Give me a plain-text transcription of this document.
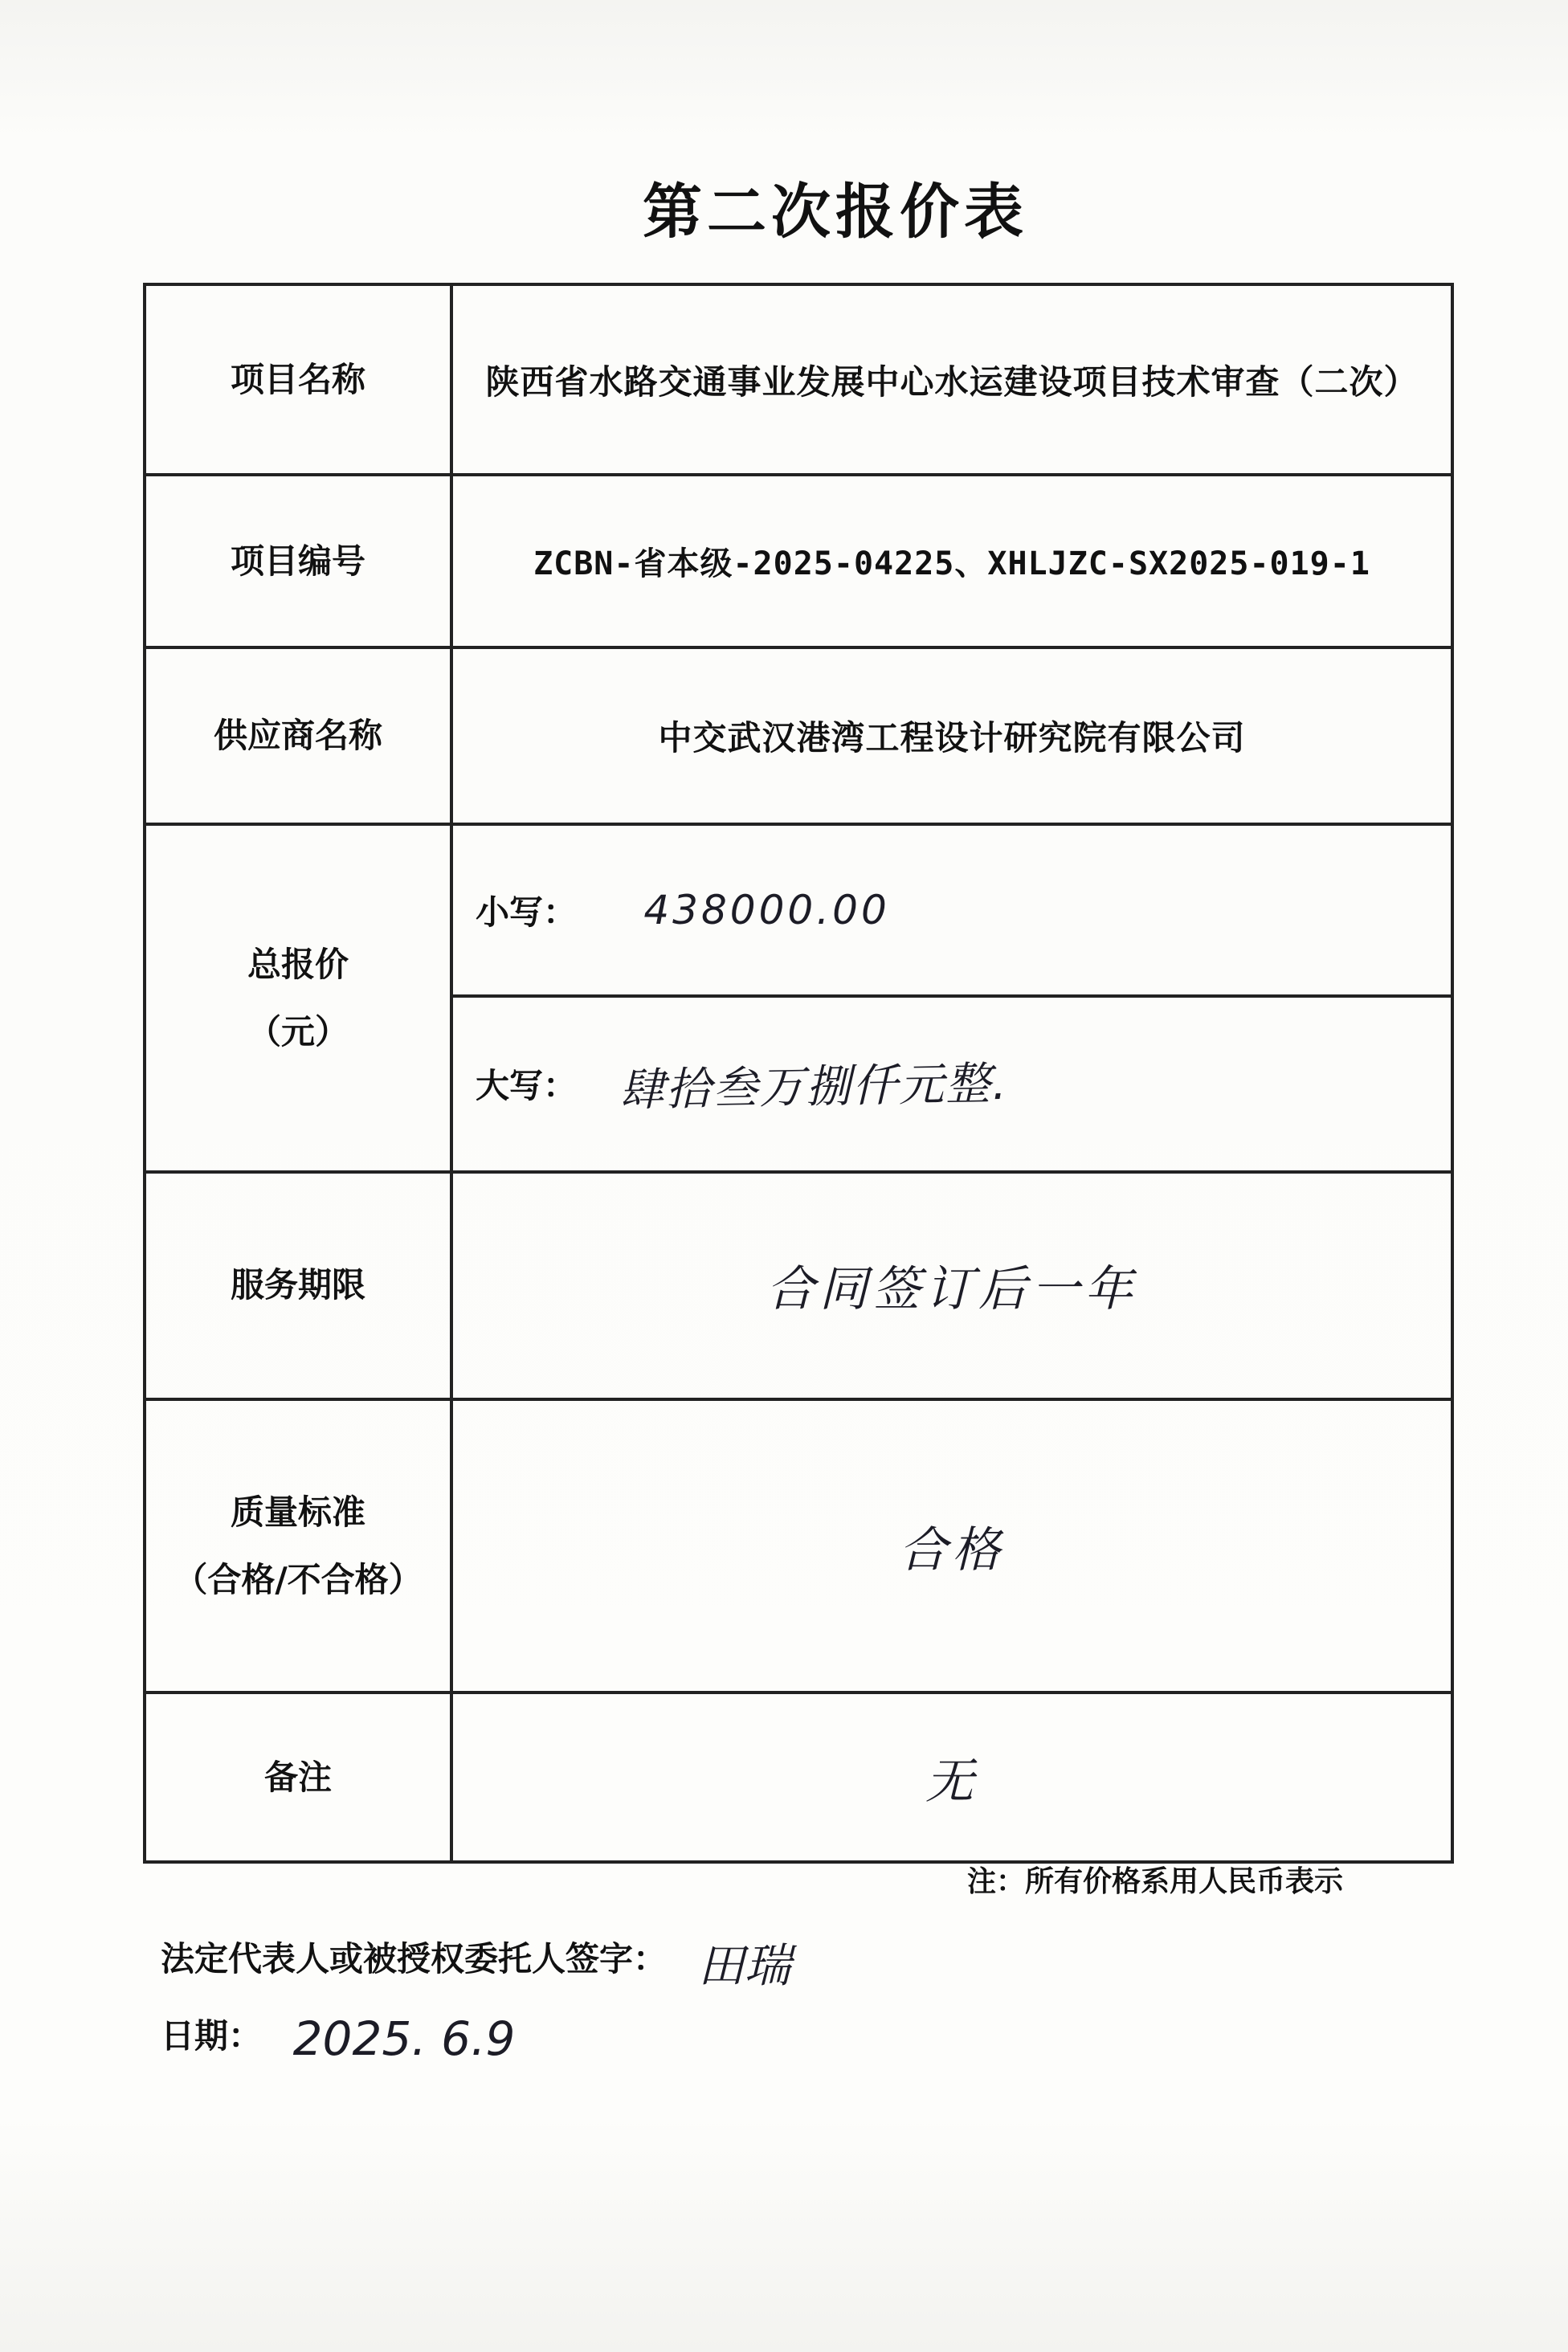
第二次报价表
项目名称	陕西省水路交通事业发展中心水运建设项目技术审查（二次）
项目编号	ZCBN-省本级-2025-04225、XHLJZC-SX2025-019-1
供应商名称	中交武汉港湾工程设计研究院有限公司

总报价
（元）	小写： 438000.00
	大写： 肆拾叁万捌仟元整.
服务期限	合同签订后一年

质量标准
（合格/不合格）	合格
备注	无
注：所有价格系用人民币表示
法定代表人或被授权委托人签字： 田瑞
日期： 2025. 6.9
